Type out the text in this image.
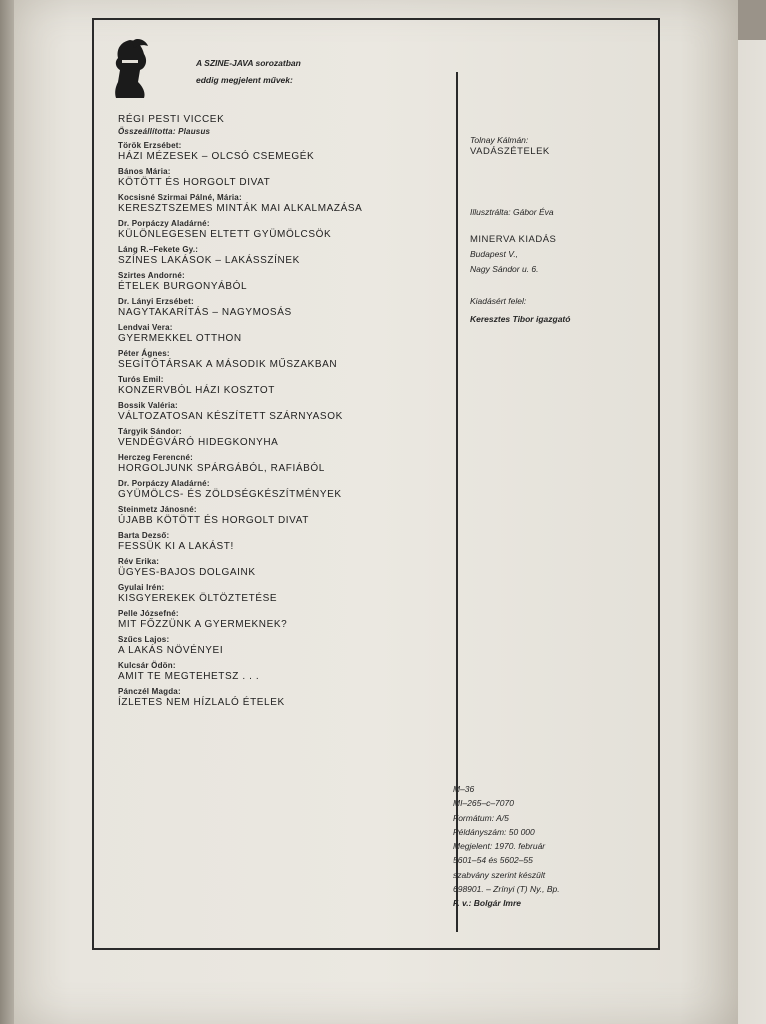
A SZINE-JAVA sorozatban
eddig megjelent művek:
RÉGI PESTI VICCEK
Összeállította: Plausus
Török Erzsébet:
HÁZI MÉZESEK – OLCSÓ CSEMEGÉK
Bános Mária:
KÖTÖTT ÉS HORGOLT DIVAT
Kocsisné Szirmai Pálné, Mária:
KERESZTSZEMES MINTÁK MAI ALKALMAZÁSA
Dr. Porpáczy Aladárné:
KÜLÖNLEGESEN ELTETT GYÜMÖLCSÖK
Láng R.–Fekete Gy.:
SZÍNES LAKÁSOK – LAKÁSSZÍNEK
Szirtes Andorné:
ÉTELEK BURGONYÁBÓL
Dr. Lányi Erzsébet:
NAGYTAKARÍTÁS – NAGYMOSÁS
Lendvai Vera:
GYERMEKKEL OTTHON
Péter Ágnes:
SEGÍTŐTÁRSAK A MÁSODIK MŰSZAKBAN
Turós Emil:
KONZERVBÓL HÁZI KOSZTOT
Bossik Valéria:
VÁLTOZATOSAN KÉSZÍTETT SZÁRNYASOK
Tárgyik Sándor:
VENDÉGVÁRÓ HIDEGKONYHA
Herczeg Ferencné:
HORGOLJUNK SPÁRGÁBÓL, RAFIÁBÓL
Dr. Porpáczy Aladárné:
GYÜMÖLCS- ÉS ZÖLDSÉGKÉSZÍTMÉNYEK
Steinmetz Jánosné:
ÚJABB KÖTÖTT ÉS HORGOLT DIVAT
Barta Dezső:
FESSÜK KI A LAKÁST!
Rév Erika:
ÜGYES-BAJOS DOLGAINK
Gyulai Irén:
KISGYEREKEK ÖLTÖZTETÉSE
Pelle Józsefné:
MIT FŐZZÜNK A GYERMEKNEK?
Szűcs Lajos:
A LAKÁS NÖVÉNYEI
Kulcsár Ödön:
AMIT TE MEGTEHETSZ . . .
Pánczél Magda:
ÍZLETES NEM HÍZLALÓ ÉTELEK
Tolnay Kálmán:
VADÁSZÉTELEK
Illusztrálta: Gábor Éva
MINERVA KIADÁS
Budapest V.,
Nagy Sándor u. 6.
Kiadásért felel:
Keresztes Tibor igazgató
M–36
MI–265–c–7070
Formátum: A/5
Példányszám: 50 000
Megjelent: 1970. február
5601–54 és 5602–55
szabvány szerint készült
698901. – Zrínyi (T) Ny., Bp.
F. v.: Bolgár Imre
